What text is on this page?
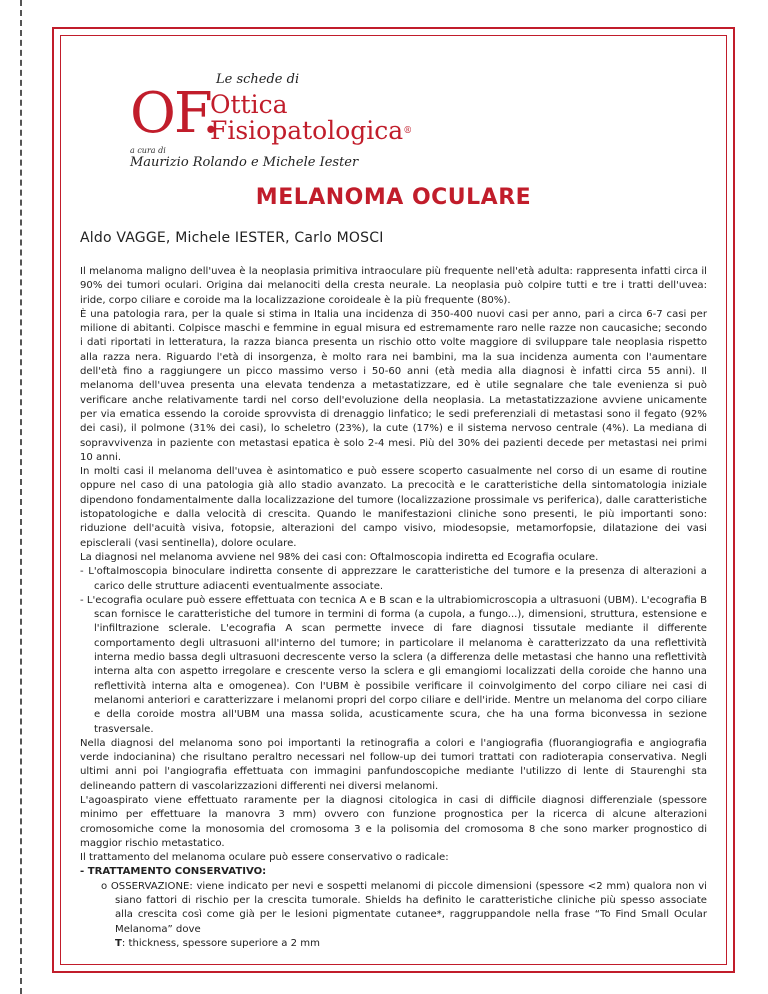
Le schede di
OF.
Ottica
Fisiopatologica®
a cura di
Maurizio Rolando e Michele Iester
MELANOMA OCULARE
Aldo VAGGE, Michele IESTER, Carlo MOSCI

Il melanoma maligno dell'uvea è la neoplasia primitiva intraoculare più frequente nell'età adulta: rappresenta infatti circa il 90% dei tumori oculari. Origina dai melanociti della cresta neurale. La neoplasia può colpire tutti e tre i tratti dell'uvea: iride, corpo ciliare e coroide ma la localizzazione coroideale è la più frequente (80%).

È una patologia rara, per la quale si stima in Italia una incidenza di 350-400 nuovi casi per anno, pari a circa 6-7 casi per milione di abitanti. Colpisce maschi e femmine in egual misura ed estremamente raro nelle razze non caucasiche; secondo i dati riportati in letteratura, la razza bianca presenta un rischio otto volte maggiore di sviluppare tale neoplasia rispetto alla razza nera. Riguardo l'età di insorgenza, è molto rara nei bambini, ma la sua incidenza aumenta con l'aumentare dell'età fino a raggiungere un picco massimo verso i 50-60 anni (età media alla diagnosi è infatti circa 55 anni). Il melanoma dell'uvea presenta una elevata tendenza a metastatizzare, ed è utile segnalare che tale evenienza si può verificare anche relativamente tardi nel corso dell'evoluzione della neoplasia. La metastatizzazione avviene unicamente per via ematica essendo la coroide sprovvista di drenaggio linfatico; le sedi preferenziali di metastasi sono il fegato (92% dei casi), il polmone (31% dei casi), lo scheletro (23%), la cute (17%) e il sistema nervoso centrale (4%). La mediana di sopravvivenza in paziente con metastasi epatica è solo 2-4 mesi. Più del 30% dei pazienti decede per metastasi nei primi 10 anni.

In molti casi il melanoma dell'uvea è asintomatico e può essere scoperto casualmente nel corso di un esame di routine oppure nel caso di una patologia già allo stadio avanzato. La precocità e le caratteristiche della sintomatologia iniziale dipendono fondamentalmente dalla localizzazione del tumore (localizzazione prossimale vs periferica), dalle caratteristiche istopatologiche e dalla velocità di crescita. Quando le manifestazioni cliniche sono presenti, le più importanti sono: riduzione dell'acuità visiva, fotopsie, alterazioni del campo visivo, miodesopsie, metamorfopsie, dilatazione dei vasi episclerali (vasi sentinella), dolore oculare.

La diagnosi nel melanoma avviene nel 98% dei casi con: Oftalmoscopia indiretta ed Ecografia oculare.

- L'oftalmoscopia binoculare indiretta consente di apprezzare le caratteristiche del tumore e la presenza di alterazioni a carico delle strutture adiacenti eventualmente associate.

- L'ecografia oculare può essere effettuata con tecnica A e B scan e la ultrabiomicroscopia a ultrasuoni (UBM). L'ecografia B scan fornisce le caratteristiche del tumore in termini di forma (a cupola, a fungo...), dimensioni, struttura, estensione e l'infiltrazione sclerale. L'ecografia A scan permette invece di fare diagnosi tissutale mediante il differente comportamento degli ultrasuoni all'interno del tumore; in particolare il melanoma è caratterizzato da una reflettività interna medio bassa degli ultrasuoni decrescente verso la sclera (a differenza delle metastasi che hanno una reflettività interna alta con aspetto irregolare e crescente verso la sclera e gli emangiomi localizzati della coroide che hanno una reflettività interna alta e omogenea). Con l'UBM è possibile verificare il coinvolgimento del corpo ciliare nei casi di melanomi anteriori e caratterizzare i melanomi propri del corpo ciliare e dell'iride. Mentre un melanoma del corpo ciliare e della coroide mostra all'UBM una massa solida, acusticamente scura, che ha una forma biconvessa in sezione trasversale.

Nella diagnosi del melanoma sono poi importanti la retinografia a colori e l'angiografia (fluorangiografia e angiografia verde indocianina) che risultano peraltro necessari nel follow-up dei tumori trattati con radioterapia conservativa. Negli ultimi anni poi l'angiografia effettuata con immagini panfundoscopiche mediante l'utilizzo di lente di Staurenghi sta delineando pattern di vascolarizzazioni differenti nei diversi melanomi.

L'agoaspirato viene effettuato raramente per la diagnosi citologica in casi di difficile diagnosi differenziale (spessore minimo per effettuare la manovra 3 mm) ovvero con funzione prognostica per la ricerca di alcune alterazioni cromosomiche come la monosomia del cromosoma 3 e la polisomia del cromosoma 8 che sono marker prognostico di maggior rischio metastatico.

Il trattamento del melanoma oculare può essere conservativo o radicale:

- TRATTAMENTO CONSERVATIVO:

o OSSERVAZIONE: viene indicato per nevi e sospetti melanomi di piccole dimensioni (spessore <2 mm) qualora non vi siano fattori di rischio per la crescita tumorale. Shields ha definito le caratteristiche cliniche più spesso associate alla crescita così come già per le lesioni pigmentate cutanee*, raggruppandole nella frase “To Find Small Ocular Melanoma” dove

T: thickness, spessore superiore a 2 mm
